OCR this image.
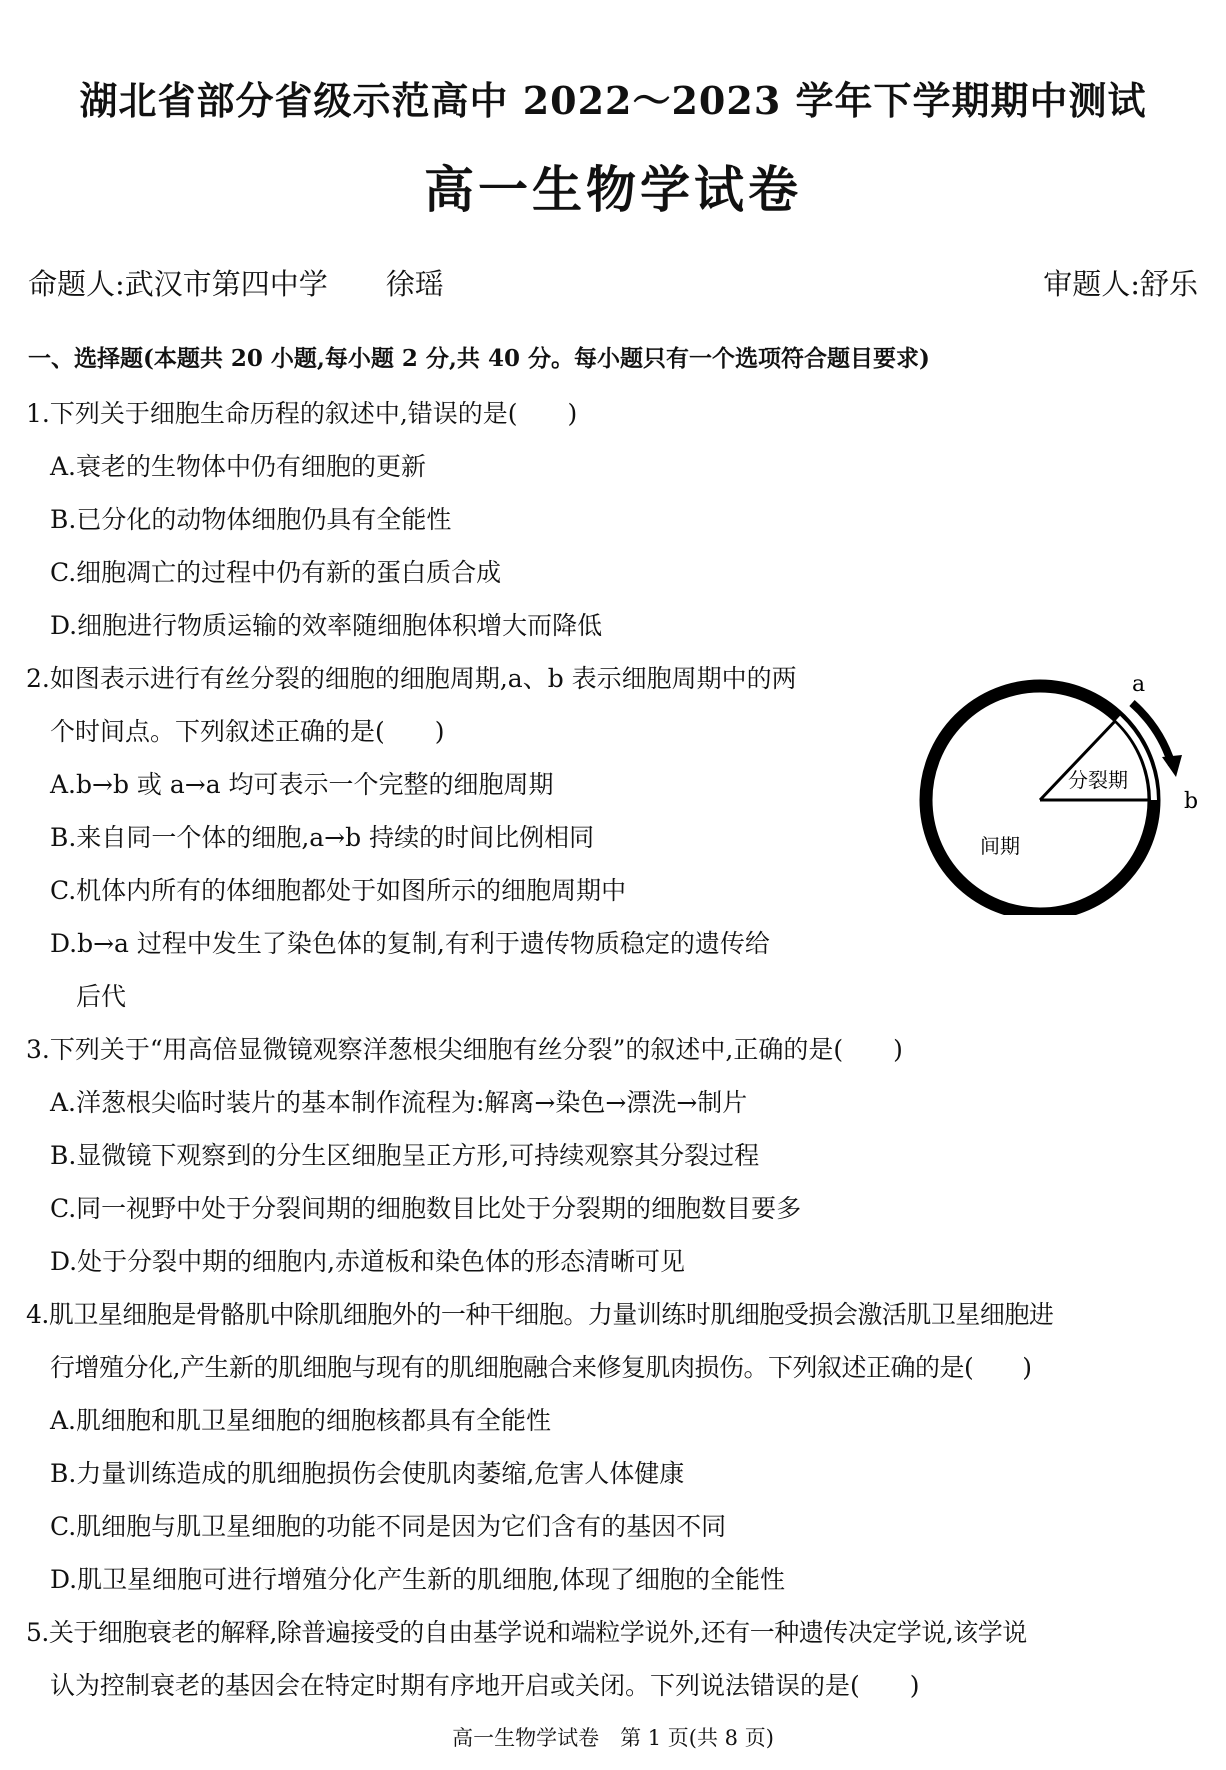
湖北省部分省级示范高中 2022～2023 学年下学期期中测试
高一生物学试卷
命题人:武汉市第四中学　　徐瑶	审题人:舒乐
一、选择题(本题共 20 小题,每小题 2 分,共 40 分。每小题只有一个选项符合题目要求)
1.下列关于细胞生命历程的叙述中,错误的是(　　)
A.衰老的生物体中仍有细胞的更新
B.已分化的动物体细胞仍具有全能性
C.细胞凋亡的过程中仍有新的蛋白质合成
D.细胞进行物质运输的效率随细胞体积增大而降低
2.如图表示进行有丝分裂的细胞的细胞周期,a、b 表示细胞周期中的两
个时间点。下列叙述正确的是(　　)
A.b→b 或 a→a 均可表示一个完整的细胞周期
B.来自同一个体的细胞,a→b 持续的时间比例相同
C.机体内所有的体细胞都处于如图所示的细胞周期中
D.b→a 过程中发生了染色体的复制,有利于遗传物质稳定的遗传给
后代
a
b
分裂期
间期
3.下列关于“用高倍显微镜观察洋葱根尖细胞有丝分裂”的叙述中,正确的是(　　)
A.洋葱根尖临时装片的基本制作流程为:解离→染色→漂洗→制片
B.显微镜下观察到的分生区细胞呈正方形,可持续观察其分裂过程
C.同一视野中处于分裂间期的细胞数目比处于分裂期的细胞数目要多
D.处于分裂中期的细胞内,赤道板和染色体的形态清晰可见
4.肌卫星细胞是骨骼肌中除肌细胞外的一种干细胞。力量训练时肌细胞受损会激活肌卫星细胞进
行增殖分化,产生新的肌细胞与现有的肌细胞融合来修复肌肉损伤。下列叙述正确的是(　　)
A.肌细胞和肌卫星细胞的细胞核都具有全能性
B.力量训练造成的肌细胞损伤会使肌肉萎缩,危害人体健康
C.肌细胞与肌卫星细胞的功能不同是因为它们含有的基因不同
D.肌卫星细胞可进行增殖分化产生新的肌细胞,体现了细胞的全能性
5.关于细胞衰老的解释,除普遍接受的自由基学说和端粒学说外,还有一种遗传决定学说,该学说
认为控制衰老的基因会在特定时期有序地开启或关闭。下列说法错误的是(　　)
高一生物学试卷　第 1 页(共 8 页)
